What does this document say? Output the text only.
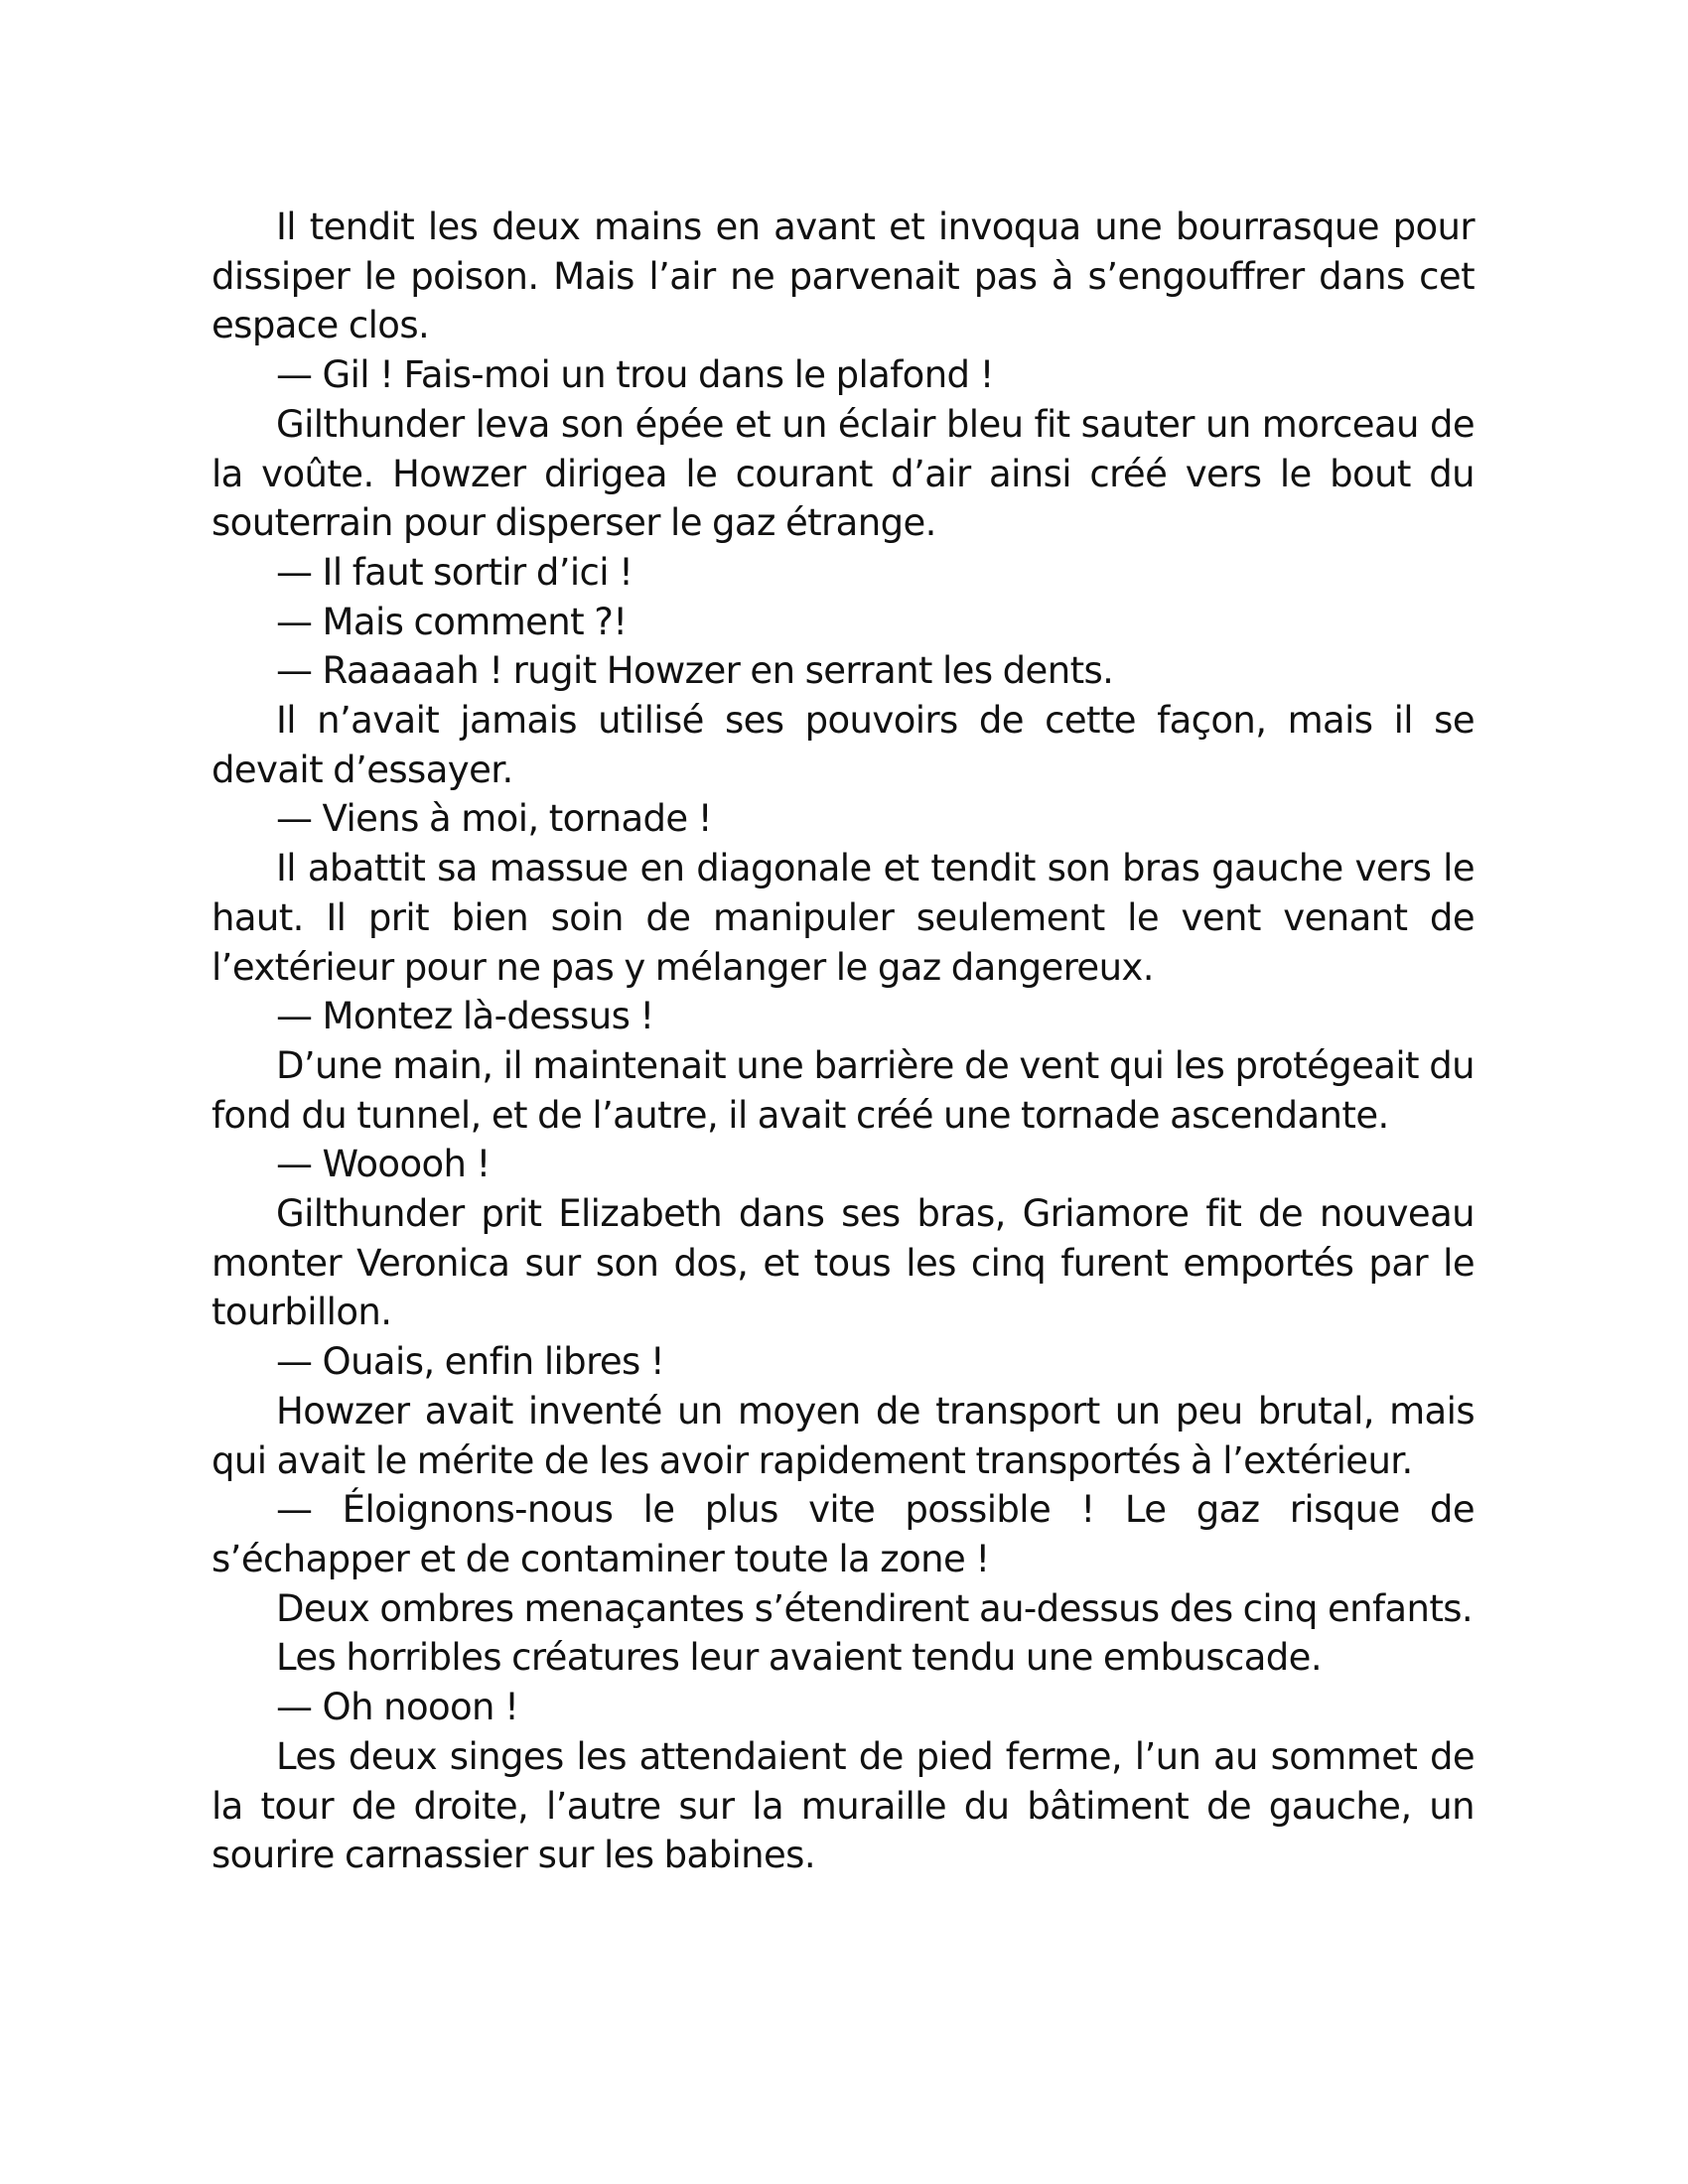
Il tendit les deux mains en avant et invoqua une bourrasque pour dissiper le poison. Mais l’air ne parvenait pas à s’engouffrer dans cet espace clos.

— Gil ! Fais-moi un trou dans le plafond !

Gilthunder leva son épée et un éclair bleu fit sauter un morceau de la voûte. Howzer dirigea le courant d’air ainsi créé vers le bout du souterrain pour disperser le gaz étrange.

— Il faut sortir d’ici !

— Mais comment ?!

— Raaaaah ! rugit Howzer en serrant les dents.

Il n’avait jamais utilisé ses pouvoirs de cette façon, mais il se devait d’essayer.

— Viens à moi, tornade !

Il abattit sa massue en diagonale et tendit son bras gauche vers le haut. Il prit bien soin de manipuler seulement le vent venant de l’extérieur pour ne pas y mélanger le gaz dangereux.

— Montez là-dessus !

D’une main, il maintenait une barrière de vent qui les protégeait du fond du tunnel, et de l’autre, il avait créé une tornade ascendante.

— Wooooh !

Gilthunder prit Elizabeth dans ses bras, Griamore fit de nouveau monter Veronica sur son dos, et tous les cinq furent emportés par le tourbillon.

— Ouais, enfin libres !

Howzer avait inventé un moyen de transport un peu brutal, mais qui avait le mérite de les avoir rapidement transportés à l’extérieur.

— Éloignons-nous le plus vite possible ! Le gaz risque de s’échapper et de contaminer toute la zone !

Deux ombres menaçantes s’étendirent au-dessus des cinq enfants.

Les horribles créatures leur avaient tendu une embuscade.

— Oh nooon !

Les deux singes les attendaient de pied ferme, l’un au sommet de la tour de droite, l’autre sur la muraille du bâtiment de gauche, un sourire carnassier sur les babines.
